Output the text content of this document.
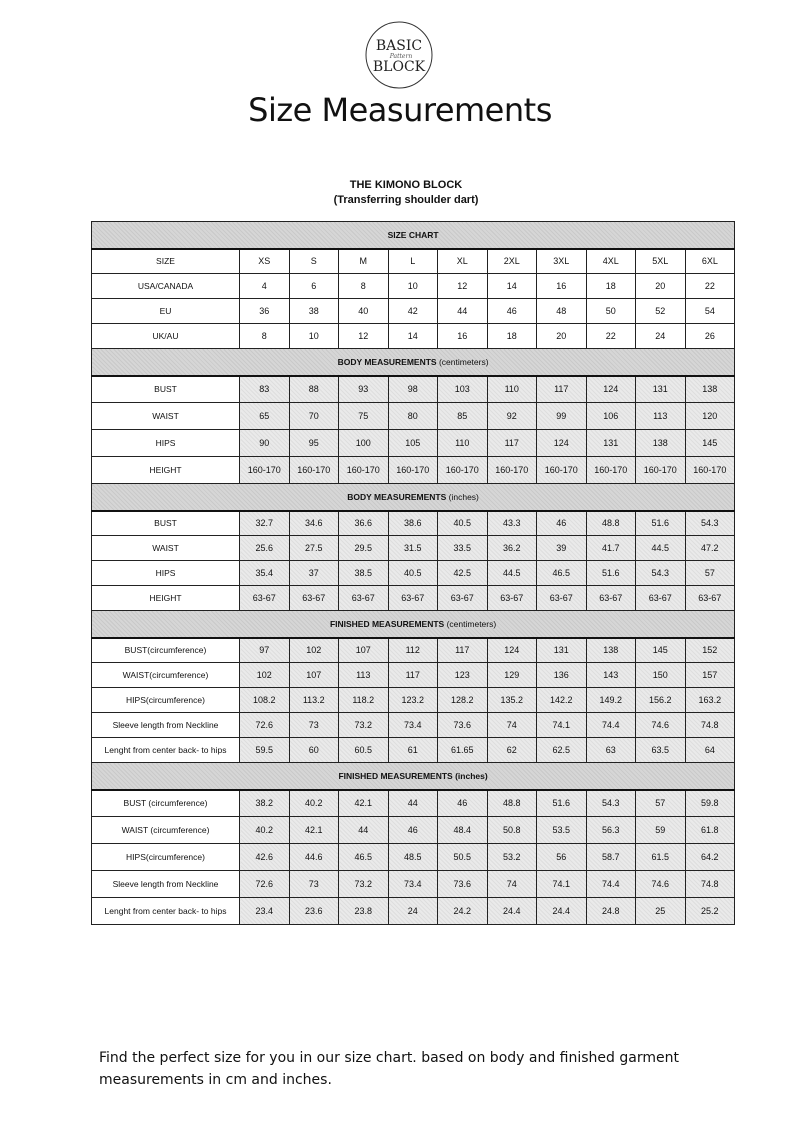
BASIC
Pattern
BLOCK
Size Measurements
THE KIMONO BLOCK
(Transferring shoulder dart)
SIZE CHART										
SIZE	XS	S	M	L	XL	2XL	3XL	4XL	5XL	6XL
USA/CANADA	4	6	8	10	12	14	16	18	20	22
EU	36	38	40	42	44	46	48	50	52	54
UK/AU	8	10	12	14	16	18	20	22	24	26
BODY MEASUREMENTS (centimeters)										
BUST	83	88	93	98	103	110	117	124	131	138
WAIST	65	70	75	80	85	92	99	106	113	120
HIPS	90	95	100	105	110	117	124	131	138	145
HEIGHT	160-170	160-170	160-170	160-170	160-170	160-170	160-170	160-170	160-170	160-170
BODY MEASUREMENTS (inches)										
BUST	32.7	34.6	36.6	38.6	40.5	43.3	46	48.8	51.6	54.3
WAIST	25.6	27.5	29.5	31.5	33.5	36.2	39	41.7	44.5	47.2
HIPS	35.4	37	38.5	40.5	42.5	44.5	46.5	51.6	54.3	57
HEIGHT	63-67	63-67	63-67	63-67	63-67	63-67	63-67	63-67	63-67	63-67
FINISHED MEASUREMENTS (centimeters)										
BUST(circumference)	97	102	107	112	117	124	131	138	145	152
WAIST(circumference)	102	107	113	117	123	129	136	143	150	157
HIPS(circumference)	108.2	113.2	118.2	123.2	128.2	135.2	142.2	149.2	156.2	163.2
Sleeve length from Neckline	72.6	73	73.2	73.4	73.6	74	74.1	74.4	74.6	74.8
Lenght from center back- to hips	59.5	60	60.5	61	61.65	62	62.5	63	63.5	64
FINISHED MEASUREMENTS (inches)										
BUST (circumference)	38.2	40.2	42.1	44	46	48.8	51.6	54.3	57	59.8
WAIST (circumference)	40.2	42.1	44	46	48.4	50.8	53.5	56.3	59	61.8
HIPS(circumference)	42.6	44.6	46.5	48.5	50.5	53.2	56	58.7	61.5	64.2
Sleeve length from Neckline	72.6	73	73.2	73.4	73.6	74	74.1	74.4	74.6	74.8
Lenght from center back- to hips	23.4	23.6	23.8	24	24.2	24.4	24.4	24.8	25	25.2
Find the perfect size for you in our size chart. based on body and finished garment
measurements in cm and inches.
